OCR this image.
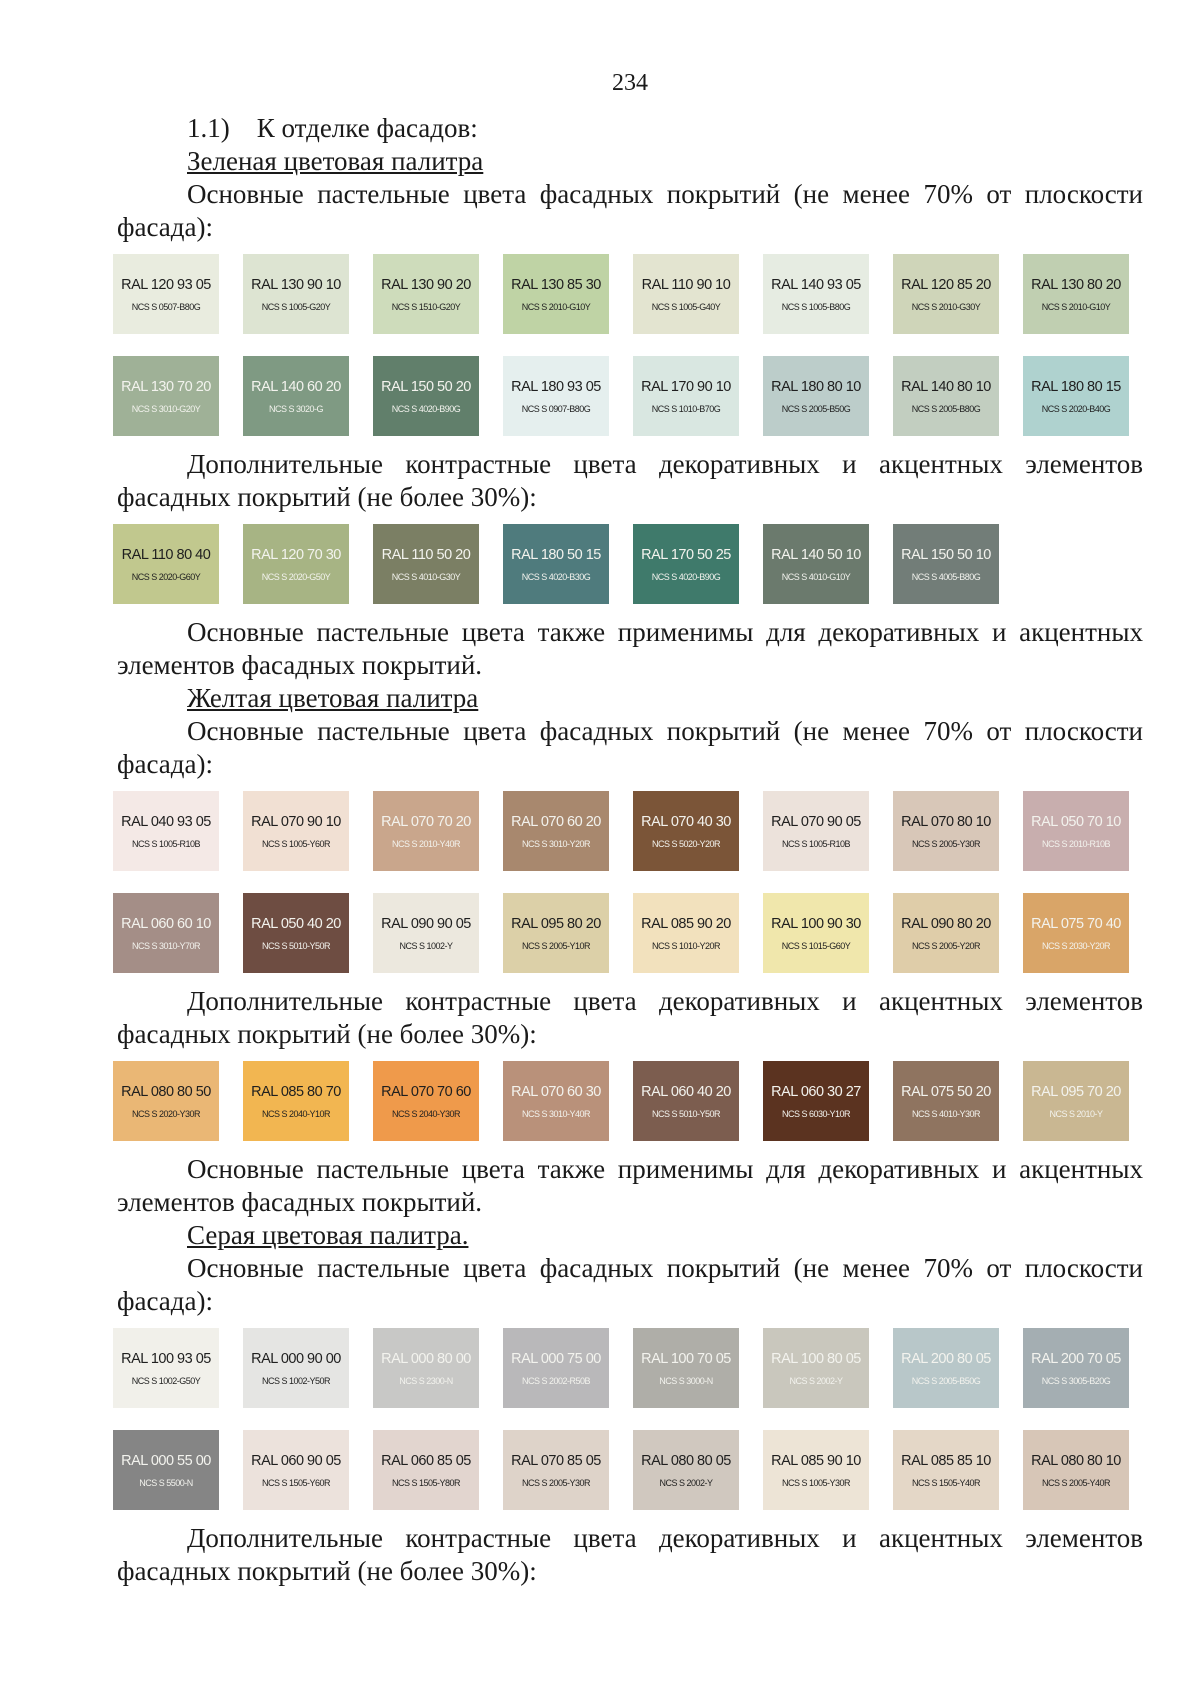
234

1.1) К отделке фасадов:

Зеленая цветовая палитра

Основные пастельные цвета фасадных покрытий (не менее 70% от плоскости

фасада):

RAL 120 93 05
NCS S 0507-B80G
RAL 130 90 10
NCS S 1005-G20Y
RAL 130 90 20
NCS S 1510-G20Y
RAL 130 85 30
NCS S 2010-G10Y
RAL 110 90 10
NCS S 1005-G40Y
RAL 140 93 05
NCS S 1005-B80G
RAL 120 85 20
NCS S 2010-G30Y
RAL 130 80 20
NCS S 2010-G10Y
RAL 130 70 20
NCS S 3010-G20Y
RAL 140 60 20
NCS S 3020-G
RAL 150 50 20
NCS S 4020-B90G
RAL 180 93 05
NCS S 0907-B80G
RAL 170 90 10
NCS S 1010-B70G
RAL 180 80 10
NCS S 2005-B50G
RAL 140 80 10
NCS S 2005-B80G
RAL 180 80 15
NCS S 2020-B40G

Дополнительные контрастные цвета декоративных и акцентных элементов

фасадных покрытий (не более 30%):

RAL 110 80 40
NCS S 2020-G60Y
RAL 120 70 30
NCS S 2020-G50Y
RAL 110 50 20
NCS S 4010-G30Y
RAL 180 50 15
NCS S 4020-B30G
RAL 170 50 25
NCS S 4020-B90G
RAL 140 50 10
NCS S 4010-G10Y
RAL 150 50 10
NCS S 4005-B80G

Основные пастельные цвета также применимы для декоративных и акцентных

элементов фасадных покрытий.

Желтая цветовая палитра

Основные пастельные цвета фасадных покрытий (не менее 70% от плоскости

фасада):

RAL 040 93 05
NCS S 1005-R10B
RAL 070 90 10
NCS S 1005-Y60R
RAL 070 70 20
NCS S 2010-Y40R
RAL 070 60 20
NCS S 3010-Y20R
RAL 070 40 30
NCS S 5020-Y20R
RAL 070 90 05
NCS S 1005-R10B
RAL 070 80 10
NCS S 2005-Y30R
RAL 050 70 10
NCS S 2010-R10B
RAL 060 60 10
NCS S 3010-Y70R
RAL 050 40 20
NCS S 5010-Y50R
RAL 090 90 05
NCS S 1002-Y
RAL 095 80 20
NCS S 2005-Y10R
RAL 085 90 20
NCS S 1010-Y20R
RAL 100 90 30
NCS S 1015-G60Y
RAL 090 80 20
NCS S 2005-Y20R
RAL 075 70 40
NCS S 2030-Y20R

Дополнительные контрастные цвета декоративных и акцентных элементов

фасадных покрытий (не более 30%):

RAL 080 80 50
NCS S 2020-Y30R
RAL 085 80 70
NCS S 2040-Y10R
RAL 070 70 60
NCS S 2040-Y30R
RAL 070 60 30
NCS S 3010-Y40R
RAL 060 40 20
NCS S 5010-Y50R
RAL 060 30 27
NCS S 6030-Y10R
RAL 075 50 20
NCS S 4010-Y30R
RAL 095 70 20
NCS S 2010-Y

Основные пастельные цвета также применимы для декоративных и акцентных

элементов фасадных покрытий.

Серая цветовая палитра.

Основные пастельные цвета фасадных покрытий (не менее 70% от плоскости

фасада):

RAL 100 93 05
NCS S 1002-G50Y
RAL 000 90 00
NCS S 1002-Y50R
RAL 000 80 00
NCS S 2300-N
RAL 000 75 00
NCS S 2002-R50B
RAL 100 70 05
NCS S 3000-N
RAL 100 80 05
NCS S 2002-Y
RAL 200 80 05
NCS S 2005-B50G
RAL 200 70 05
NCS S 3005-B20G
RAL 000 55 00
NCS S 5500-N
RAL 060 90 05
NCS S 1505-Y60R
RAL 060 85 05
NCS S 1505-Y80R
RAL 070 85 05
NCS S 2005-Y30R
RAL 080 80 05
NCS S 2002-Y
RAL 085 90 10
NCS S 1005-Y30R
RAL 085 85 10
NCS S 1505-Y40R
RAL 080 80 10
NCS S 2005-Y40R

Дополнительные контрастные цвета декоративных и акцентных элементов

фасадных покрытий (не более 30%):
